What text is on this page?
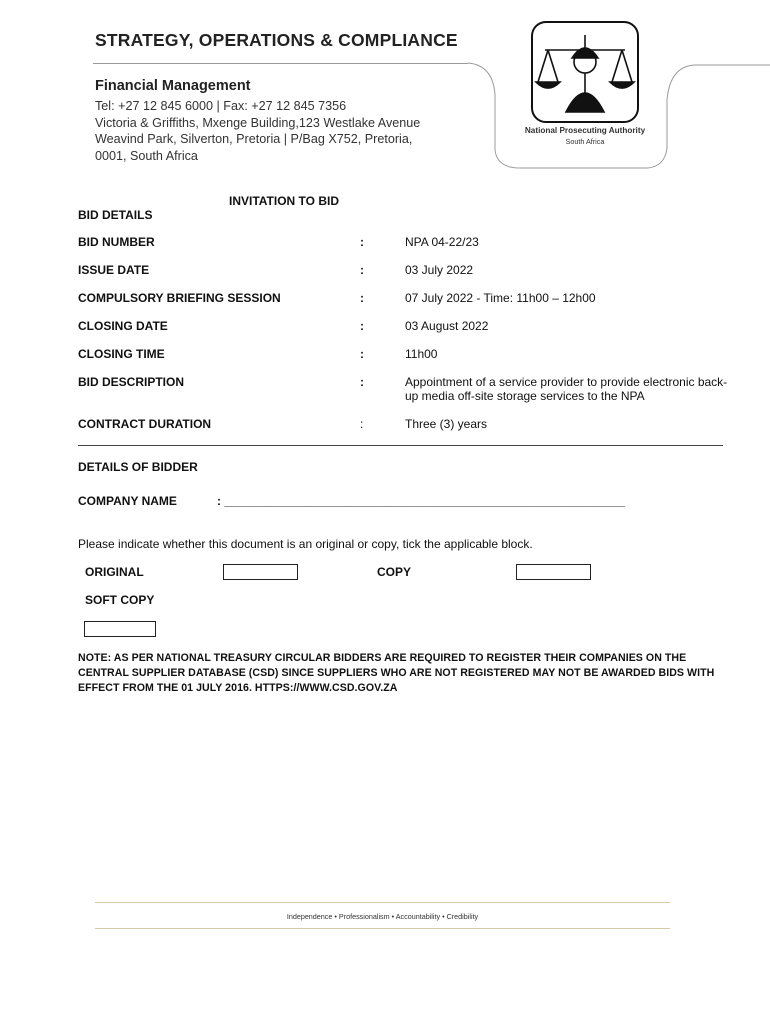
STRATEGY, OPERATIONS & COMPLIANCE
Financial Management
Tel: +27 12 845 6000 | Fax: +27 12 845 7356
Victoria & Griffiths, Mxenge Building,123 Westlake Avenue
Weavind Park, Silverton, Pretoria | P/Bag X752, Pretoria,
0001, South Africa
National Prosecuting Authority
South Africa
INVITATION TO BID
BID DETAILS
BID NUMBER	:	NPA 04-22/23
ISSUE DATE	:	03 July 2022
COMPULSORY BRIEFING SESSION	:	07 July 2022 - Time: 11h00 – 12h00
CLOSING DATE	:	03 August 2022
CLOSING TIME	:	11h00
BID DESCRIPTION	:	Appointment of a service provider to provide electronic back-up media off-site storage services to the NPA
CONTRACT DURATION	:	Three (3) years
DETAILS OF BIDDER
COMPANY NAME	: ____________________________________________________________
Please indicate whether this document is an original or copy, tick the applicable block.
ORIGINAL	COPY
SOFT COPY
NOTE: AS PER NATIONAL TREASURY CIRCULAR BIDDERS ARE REQUIRED TO REGISTER THEIR COMPANIES ON THE CENTRAL SUPPLIER DATABASE (CSD) SINCE SUPPLIERS WHO ARE NOT REGISTERED MAY NOT BE AWARDED BIDS WITH EFFECT FROM THE 01 JULY 2016. HTTPS://WWW.CSD.GOV.ZA
Independence • Professionalism • Accountability • Credibility
